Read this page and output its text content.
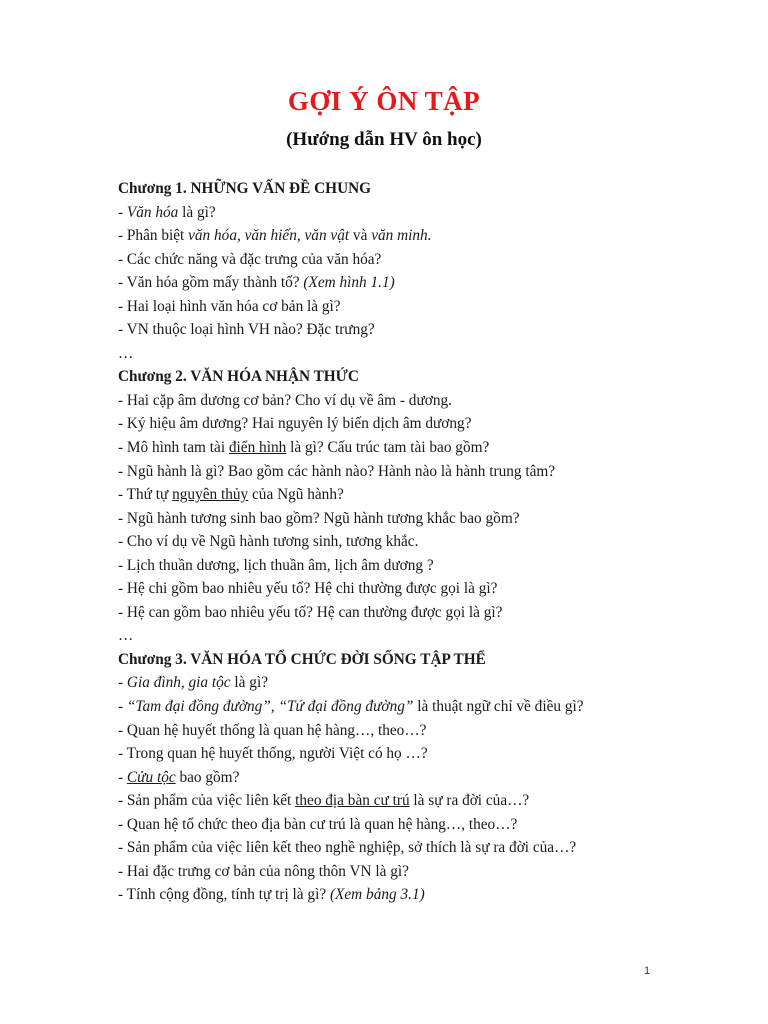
GỢI Ý ÔN TẬP
(Hướng dẫn HV ôn học)
Chương 1. NHỮNG VẤN ĐỀ CHUNG
- Văn hóa là gì?
- Phân biệt văn hóa, văn hiến, văn vật và văn minh.
- Các chức năng và đặc trưng của văn hóa?
- Văn hóa gồm mấy thành tố? (Xem hình 1.1)
- Hai loại hình văn hóa cơ bản là gì?
- VN thuộc loại hình VH nào? Đặc trưng?
…
Chương 2. VĂN HÓA NHẬN THỨC
- Hai cặp âm dương cơ bản? Cho ví dụ về âm - dương.
- Ký hiệu âm dương? Hai nguyên lý biến dịch âm dương?
- Mô hình tam tài điển hình là gì? Cấu trúc tam tài bao gồm?
- Ngũ hành là gì? Bao gồm các hành nào? Hành nào là hành trung tâm?
- Thứ tự nguyên thủy của Ngũ hành?
- Ngũ hành tương sinh bao gồm? Ngũ hành tương khắc bao gồm?
- Cho ví dụ về Ngũ hành tương sinh, tương khắc.
- Lịch thuần dương, lịch thuần âm, lịch âm dương ?
- Hệ chi gồm bao nhiêu yếu tố? Hệ chi thường được gọi là gì?
- Hệ can gồm bao nhiêu yếu tố? Hệ can thường được gọi là gì?
…
Chương 3. VĂN HÓA TỔ CHỨC ĐỜI SỐNG TẬP THỂ
- Gia đình, gia tộc là gì?
- “Tam đại đồng đường”, “Tứ đại đồng đường” là thuật ngữ chỉ về điều gì?
- Quan hệ huyết thống là quan hệ hàng…, theo…?
- Trong quan hệ huyết thống, người Việt có họ …?
- Cửu tộc bao gồm?
- Sản phẩm của việc liên kết theo địa bàn cư trú là sự ra đời của…?
- Quan hệ tổ chức theo địa bàn cư trú là quan hệ hàng…, theo…?
- Sản phẩm của việc liên kết theo nghề nghiệp, sở thích là sự ra đời của…?
- Hai đặc trưng cơ bản của nông thôn VN là gì?
- Tính cộng đồng, tính tự trị là gì? (Xem bảng 3.1)
1
